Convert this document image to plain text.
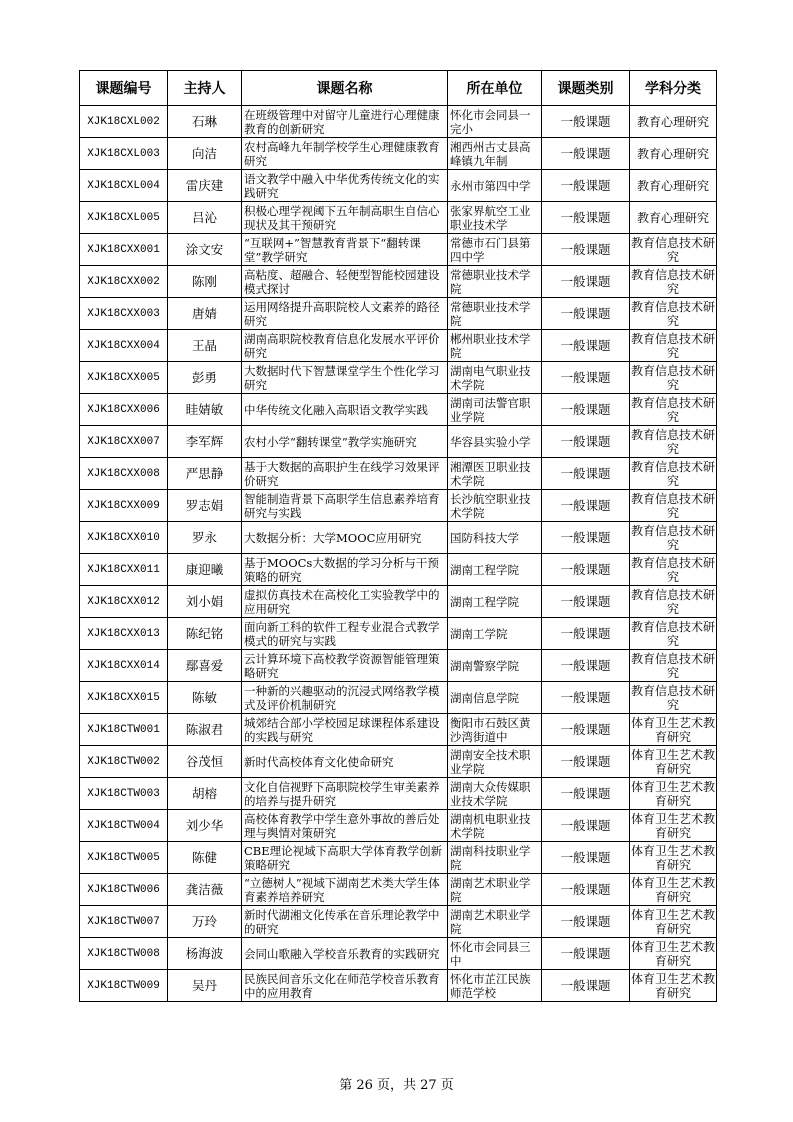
课题编号	主持人	课题名称	所在单位	课题类别	学科分类

XJK18CXL002	石琳	在班级管理中对留守儿童进行心理健康教育的创新研究	怀化市会同县一完小	一般课题	教育心理研究

XJK18CXL003	向洁	农村高峰九年制学校学生心理健康教育研究	湘西州古丈县高峰镇九年制	一般课题	教育心理研究

XJK18CXL004	雷庆建	语文教学中融入中华优秀传统文化的实践研究	永州市第四中学	一般课题	教育心理研究

XJK18CXL005	吕沁	积极心理学视阈下五年制高职生自信心现状及其干预研究	张家界航空工业职业技术学	一般课题	教育心理研究

XJK18CXX001	涂文安	“互联网+”智慧教育背景下“翻转课堂”教学研究	常德市石门县第四中学	一般课题	教育信息技术研究

XJK18CXX002	陈刚	高粘度、超融合、轻便型智能校园建设模式探讨	常德职业技术学院	一般课题	教育信息技术研究

XJK18CXX003	唐婧	运用网络提升高职院校人文素养的路径研究	常德职业技术学院	一般课题	教育信息技术研究

XJK18CXX004	王晶	湖南高职院校教育信息化发展水平评价研究	郴州职业技术学院	一般课题	教育信息技术研究

XJK18CXX005	彭勇	大数据时代下智慧课堂学生个性化学习研究	湖南电气职业技术学院	一般课题	教育信息技术研究

XJK18CXX006	眭婧敏	中华传统文化融入高职语文教学实践	湖南司法警官职业学院	一般课题	教育信息技术研究

XJK18CXX007	李军辉	农村小学“翻转课堂”教学实施研究	华容县实验小学	一般课题	教育信息技术研究

XJK18CXX008	严思静	基于大数据的高职护生在线学习效果评价研究	湘潭医卫职业技术学院	一般课题	教育信息技术研究

XJK18CXX009	罗志娟	智能制造背景下高职学生信息素养培育研究与实践	长沙航空职业技术学院	一般课题	教育信息技术研究

XJK18CXX010	罗永	大数据分析：大学MOOC应用研究	国防科技大学	一般课题	教育信息技术研究

XJK18CXX011	康迎曦	基于MOOCs大数据的学习分析与干预策略的研究	湖南工程学院	一般课题	教育信息技术研究

XJK18CXX012	刘小娟	虚拟仿真技术在高校化工实验教学中的应用研究	湖南工程学院	一般课题	教育信息技术研究

XJK18CXX013	陈纪铭	面向新工科的软件工程专业混合式教学模式的研究与实践	湖南工学院	一般课题	教育信息技术研究

XJK18CXX014	鄢喜爱	云计算环境下高校教学资源智能管理策略研究	湖南警察学院	一般课题	教育信息技术研究

XJK18CXX015	陈敏	一种新的兴趣驱动的沉浸式网络教学模式及评价机制研究	湖南信息学院	一般课题	教育信息技术研究

XJK18CTW001	陈淑君	城郊结合部小学校园足球课程体系建设的实践与研究	衡阳市石鼓区黄沙湾街道中	一般课题	体育卫生艺术教育研究

XJK18CTW002	谷茂恒	新时代高校体育文化使命研究	湖南安全技术职业学院	一般课题	体育卫生艺术教育研究

XJK18CTW003	胡榕	文化自信视野下高职院校学生审美素养的培养与提升研究	湖南大众传媒职业技术学院	一般课题	体育卫生艺术教育研究

XJK18CTW004	刘少华	高校体育教学中学生意外事故的善后处理与舆情对策研究	湖南机电职业技术学院	一般课题	体育卫生艺术教育研究

XJK18CTW005	陈健	CBE理论视域下高职大学体育教学创新策略研究	湖南科技职业学院	一般课题	体育卫生艺术教育研究

XJK18CTW006	龚洁薇	“立德树人”视域下湖南艺术类大学生体育素养培养研究	湖南艺术职业学院	一般课题	体育卫生艺术教育研究

XJK18CTW007	万玲	新时代湖湘文化传承在音乐理论教学中的研究	湖南艺术职业学院	一般课题	体育卫生艺术教育研究

XJK18CTW008	杨海波	会同山歌融入学校音乐教育的实践研究	怀化市会同县三中	一般课题	体育卫生艺术教育研究

XJK18CTW009	吴丹	民族民间音乐文化在师范学校音乐教育中的应用教育	怀化市芷江民族师范学校	一般课题	体育卫生艺术教育研究
第 26 页，共 27 页
